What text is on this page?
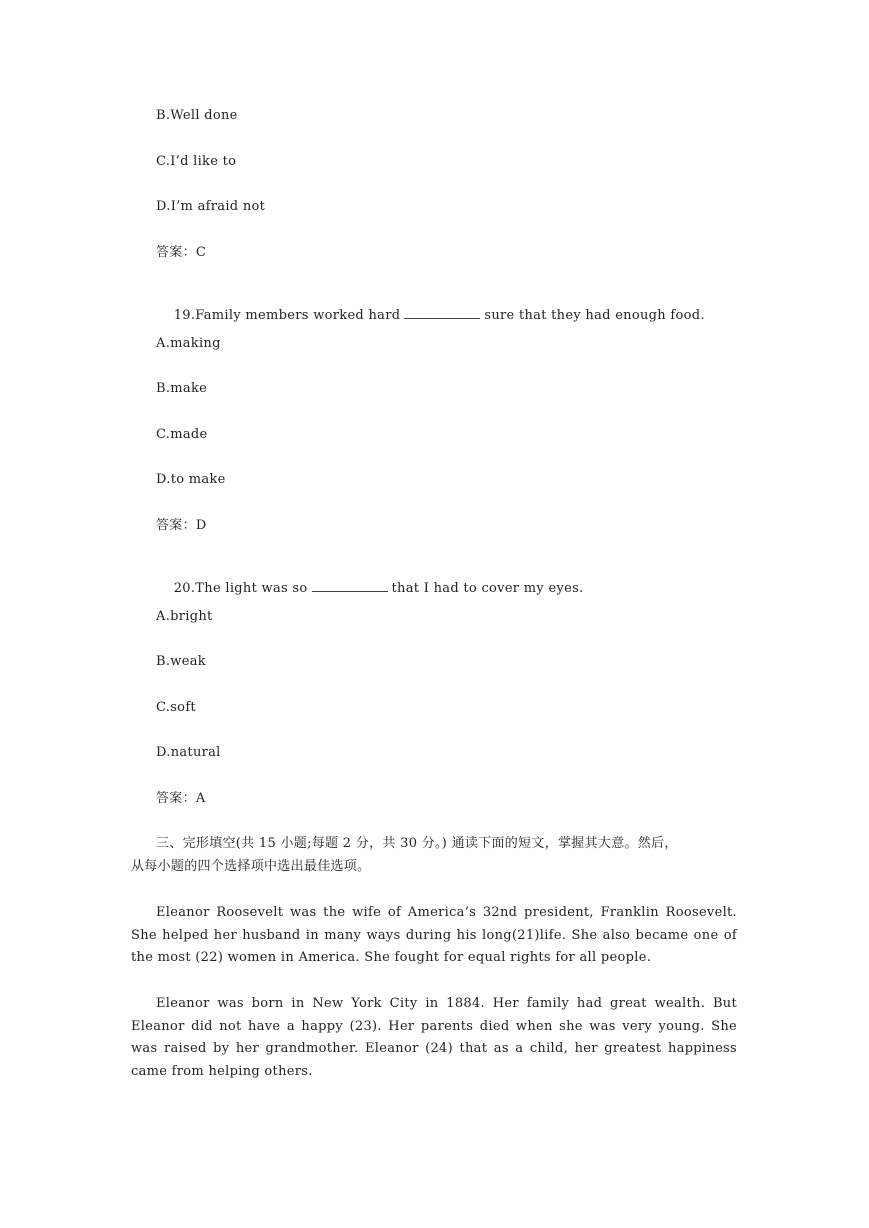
B.Well done
C.I’d like to
D.I’m afraid not
答案：C

19.Family members worked hard	sure that they had enough food.

A.making
B.make
C.made
D.to make
答案：D

20.The light was so	that I had to cover my eyes.

A.bright
B.weak
C.soft
D.natural
答案：A
三、完形填空(共 15 小题;每题 2 分，共 30 分。) 通读下面的短文，掌握其大意。然后，
从每小题的四个选择项中选出最佳选项。
Eleanor Roosevelt was the wife of America’s 32nd president, Franklin Roosevelt. She helped her husband in many ways during his long(21)life. She also became one of the most (22) women in America. She fought for equal rights for all people.
Eleanor was born in New York City in 1884. Her family had great wealth. But Eleanor did not have a happy (23). Her parents died when she was very young. She was raised by her grandmother. Eleanor (24) that as a child, her greatest happiness came from helping others.
